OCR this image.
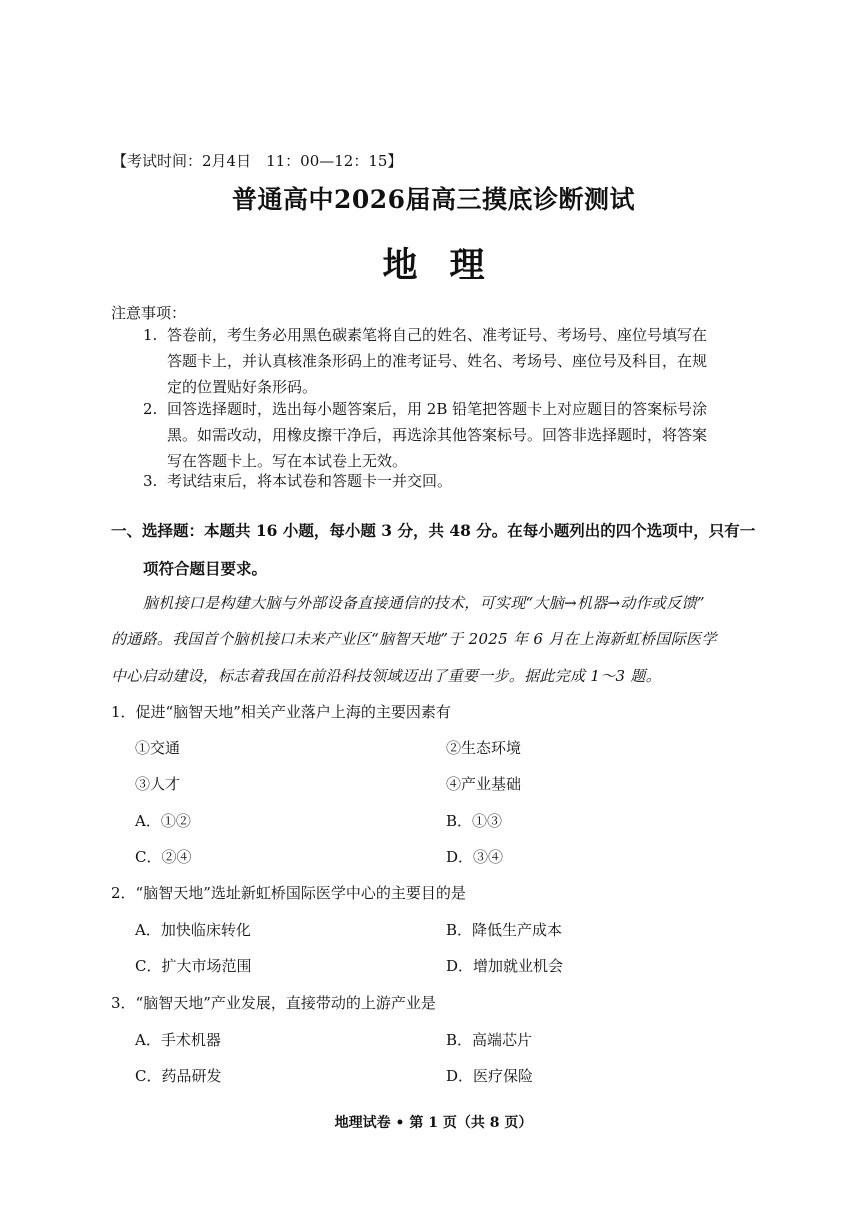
【考试时间：2月4日　11：00—12：15】
普通高中2026届高三摸底诊断测试
地 理
注意事项：
1. 答卷前，考生务必用黑色碳素笔将自己的姓名、准考证号、考场号、座位号填写在
答题卡上，并认真核准条形码上的准考证号、姓名、考场号、座位号及科目，在规
定的位置贴好条形码。
2. 回答选择题时，选出每小题答案后，用 2B 铅笔把答题卡上对应题目的答案标号涂
黑。如需改动，用橡皮擦干净后，再选涂其他答案标号。回答非选择题时，将答案
写在答题卡上。写在本试卷上无效。
3. 考试结束后，将本试卷和答题卡一并交回。
一、选择题：本题共 16 小题，每小题 3 分，共 48 分。在每小题列出的四个选项中，只有一
项符合题目要求。
脑机接口是构建大脑与外部设备直接通信的技术，可实现“大脑→机器→动作或反馈”
的通路。我国首个脑机接口未来产业区“脑智天地”于 2025 年 6 月在上海新虹桥国际医学
中心启动建设，标志着我国在前沿科技领域迈出了重要一步。据此完成 1～3 题。
1．促进“脑智天地”相关产业落户上海的主要因素有
①交通	②生态环境
③人才	④产业基础
A．①②	B．①③
C．②④	D．③④
2．“脑智天地”选址新虹桥国际医学中心的主要目的是
A．加快临床转化	B．降低生产成本
C．扩大市场范围	D．增加就业机会
3．“脑智天地”产业发展，直接带动的上游产业是
A．手术机器	B．高端芯片
C．药品研发	D．医疗保险
地理试卷 • 第 1 页（共 8 页）
